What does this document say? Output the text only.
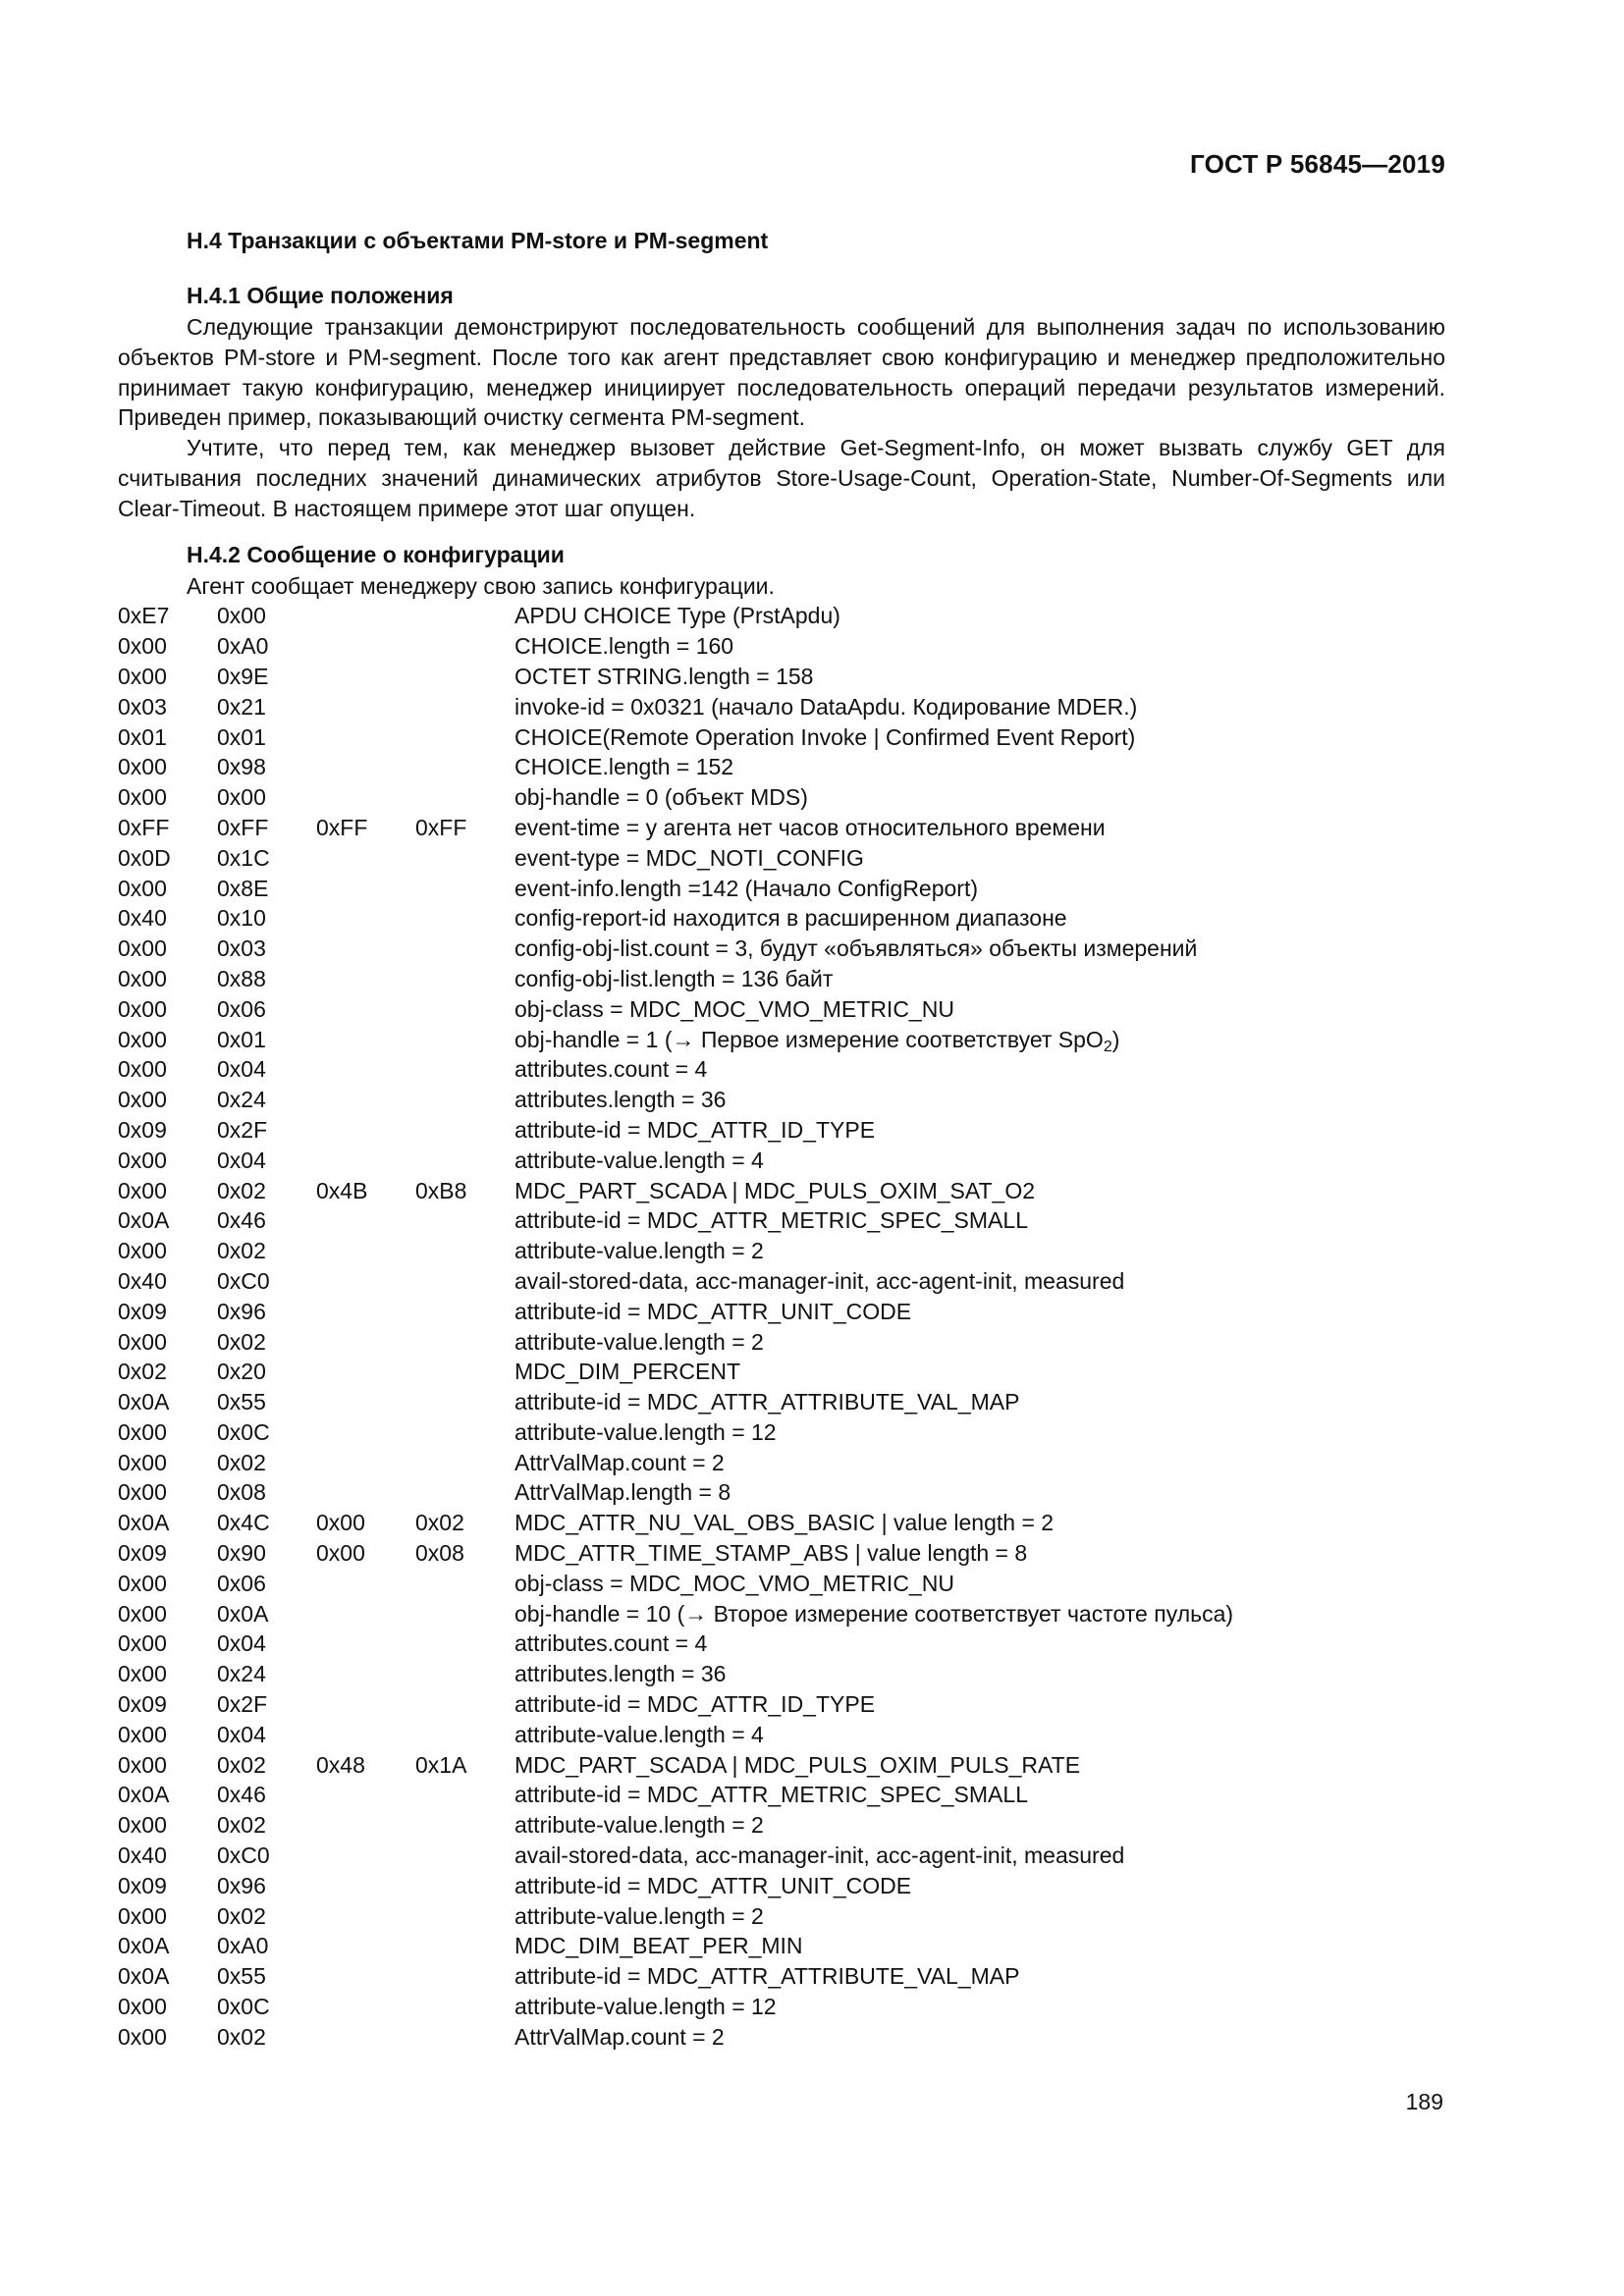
ГОСТ Р 56845—2019
H.4 Транзакции с объектами PM-store и PM-segment
H.4.1 Общие положения

Следующие транзакции демонстрируют последовательность сообщений для выполнения задач по использованию объектов PM-store и PM-segment. После того как агент представляет свою конфигурацию и менеджер предположительно принимает такую конфигурацию, менеджер инициирует последовательность операций передачи результатов измерений. Приведен пример, показывающий очистку сегмента PM-segment.

Учтите, что перед тем, как менеджер вызовет действие Get-Segment-Info, он может вызвать службу GET для считывания последних значений динамических атрибутов Store-Usage-Count, Operation-State, Number-Of-Segments или Clear-Timeout. В настоящем примере этот шаг опущен.

H.4.2 Сообщение о конфигурации
Агент сообщает менеджеру свою запись конфигурации.
0xE7	0x00			APDU CHOICE Type (PrstApdu)
0x00	0xA0			CHOICE.length = 160
0x00	0x9E			OCTET STRING.length = 158
0x03	0x21			invoke-id = 0x0321 (начало DataApdu. Кодирование MDER.)
0x01	0x01			CHOICE(Remote Operation Invoke | Confirmed Event Report)
0x00	0x98			CHOICE.length = 152
0x00	0x00			obj-handle = 0 (объект MDS)
0xFF	0xFF	0xFF	0xFF	event-time = у агента нет часов относительного времени
0x0D	0x1C			event-type = MDC_NOTI_CONFIG
0x00	0x8E			event-info.length =142 (Начало ConfigReport)
0x40	0x10			config-report-id находится в расширенном диапазоне
0x00	0x03			config-obj-list.count = 3, будут «объявляться» объекты измерений
0x00	0x88			config-obj-list.length = 136 байт
0x00	0x06			obj-class = MDC_MOC_VMO_METRIC_NU
0x00	0x01			obj-handle = 1 (→ Первое измерение соответствует SpO$_2$)
0x00	0x04			attributes.count = 4
0x00	0x24			attributes.length = 36
0x09	0x2F			attribute-id = MDC_ATTR_ID_TYPE
0x00	0x04			attribute-value.length = 4
0x00	0x02	0x4B	0xB8	MDC_PART_SCADA | MDC_PULS_OXIM_SAT_O2
0x0A	0x46			attribute-id = MDC_ATTR_METRIC_SPEC_SMALL
0x00	0x02			attribute-value.length = 2
0x40	0xC0			avail-stored-data, acc-manager-init, acc-agent-init, measured
0x09	0x96			attribute-id = MDC_ATTR_UNIT_CODE
0x00	0x02			attribute-value.length = 2
0x02	0x20			MDC_DIM_PERCENT
0x0A	0x55			attribute-id = MDC_ATTR_ATTRIBUTE_VAL_MAP
0x00	0x0C			attribute-value.length = 12
0x00	0x02			AttrValMap.count = 2
0x00	0x08			AttrValMap.length = 8
0x0A	0x4C	0x00	0x02	MDC_ATTR_NU_VAL_OBS_BASIC | value length = 2
0x09	0x90	0x00	0x08	MDC_ATTR_TIME_STAMP_ABS | value length = 8
0x00	0x06			obj-class = MDC_MOC_VMO_METRIC_NU
0x00	0x0A			obj-handle = 10 (→ Второе измерение соответствует частоте пульса)
0x00	0x04			attributes.count = 4
0x00	0x24			attributes.length = 36
0x09	0x2F			attribute-id = MDC_ATTR_ID_TYPE
0x00	0x04			attribute-value.length = 4
0x00	0x02	0x48	0x1A	MDC_PART_SCADA | MDC_PULS_OXIM_PULS_RATE
0x0A	0x46			attribute-id = MDC_ATTR_METRIC_SPEC_SMALL
0x00	0x02			attribute-value.length = 2
0x40	0xC0			avail-stored-data, acc-manager-init, acc-agent-init, measured
0x09	0x96			attribute-id = MDC_ATTR_UNIT_CODE
0x00	0x02			attribute-value.length = 2
0x0A	0xA0			MDC_DIM_BEAT_PER_MIN
0x0A	0x55			attribute-id = MDC_ATTR_ATTRIBUTE_VAL_MAP
0x00	0x0C			attribute-value.length = 12
0x00	0x02			AttrValMap.count = 2
189
